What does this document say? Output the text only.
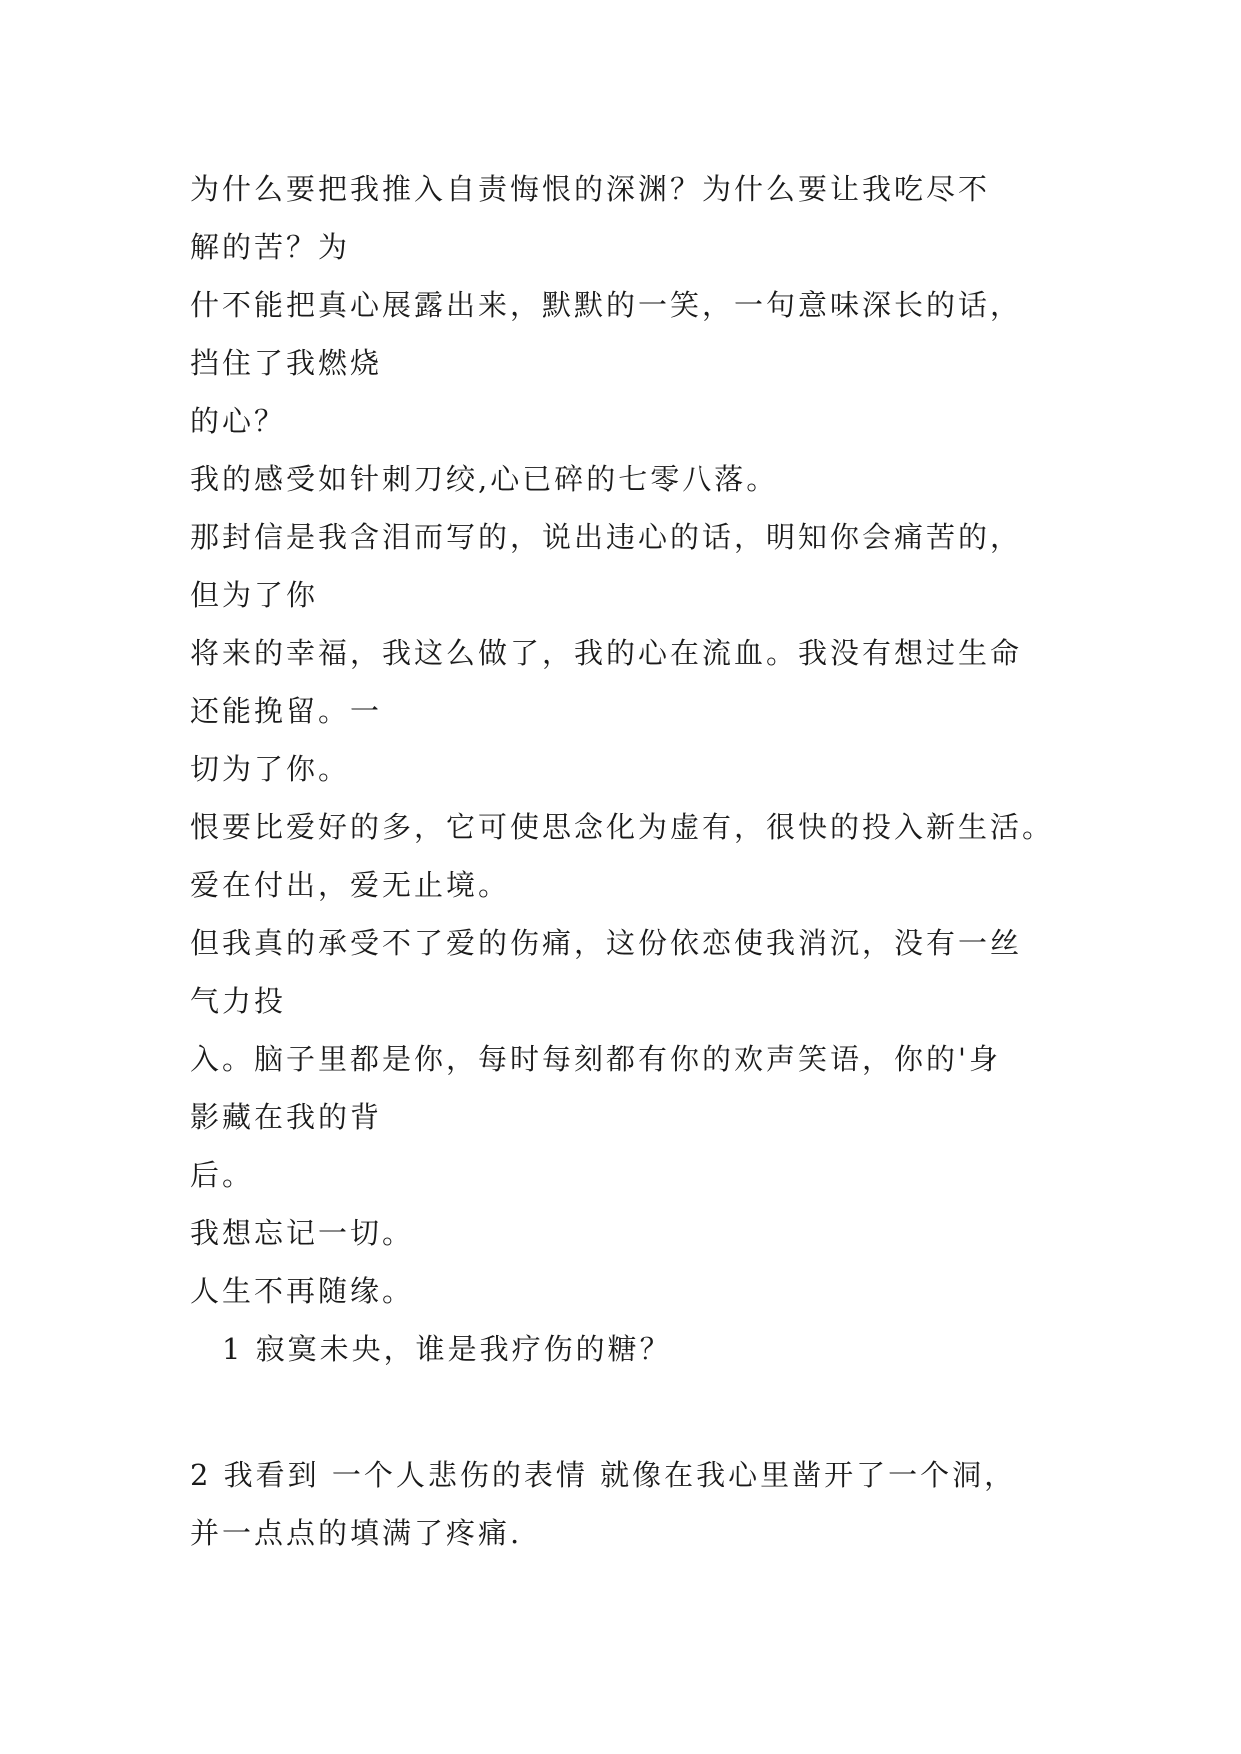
为什么要把我推入自责悔恨的深渊？为什么要让我吃尽不
解的苦？为
什不能把真心展露出来，默默的一笑，一句意味深长的话，
挡住了我燃烧
的心？
我的感受如针刺刀绞,心已碎的七零八落。
那封信是我含泪而写的，说出违心的话，明知你会痛苦的，
但为了你
将来的幸福，我这么做了，我的心在流血。我没有想过生命
还能挽留。一
切为了你。
恨要比爱好的多，它可使思念化为虚有，很快的投入新生活。
爱在付出，爱无止境。
但我真的承受不了爱的伤痛，这份依恋使我消沉，没有一丝
气力投
入。脑子里都是你，每时每刻都有你的欢声笑语，你的'身
影藏在我的背
后。
我想忘记一切。
人生不再随缘。
1 寂寞未央，谁是我疗伤的糖？
2 我看到 一个人悲伤的表情 就像在我心里凿开了一个洞，
并一点点的填满了疼痛.
